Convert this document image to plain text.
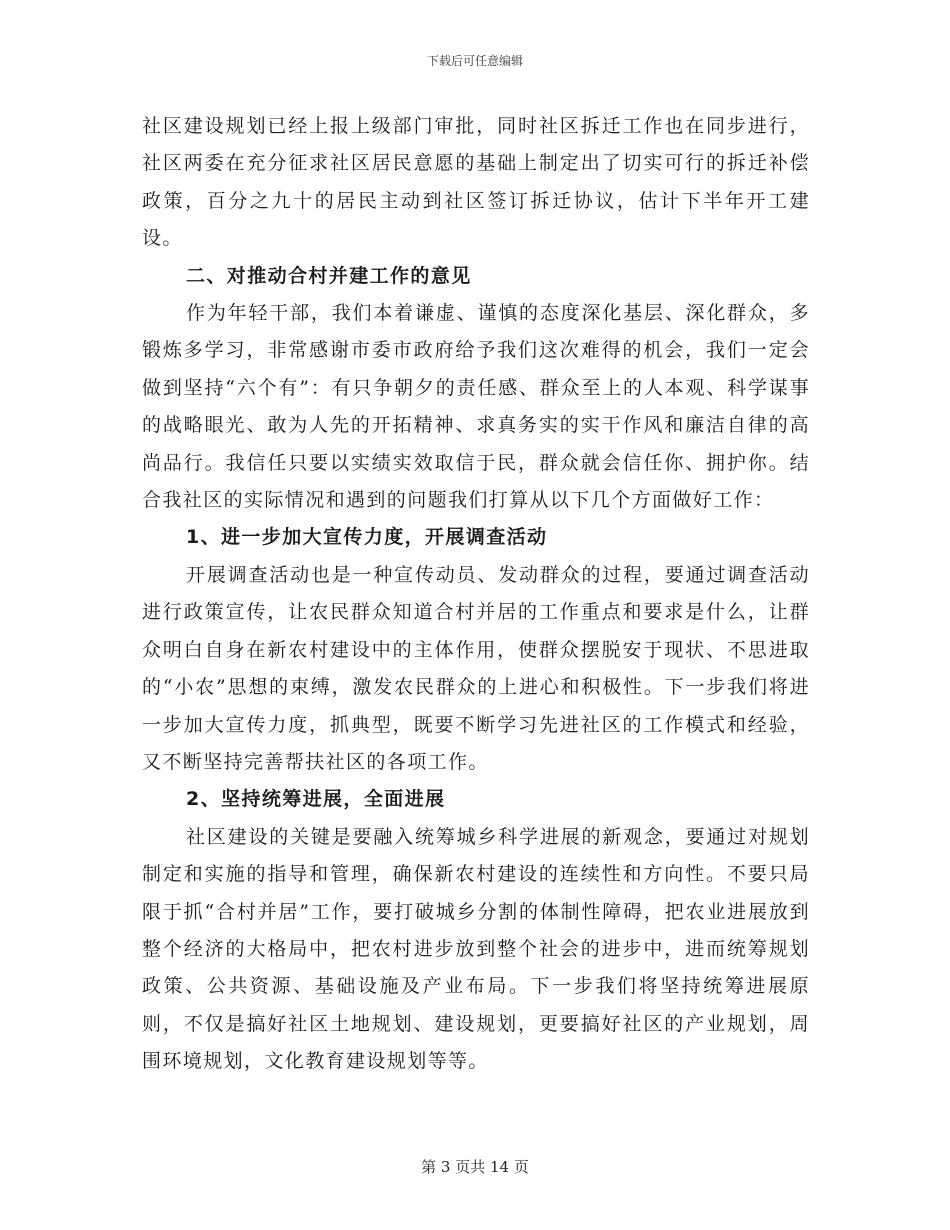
下载后可任意编辑

社区建设规划已经上报上级部门审批，同时社区拆迁工作也在同步进行，社区两委在充分征求社区居民意愿的基础上制定出了切实可行的拆迁补偿政策，百分之九十的居民主动到社区签订拆迁协议，估计下半年开工建设。

二、对推动合村并建工作的意见

作为年轻干部，我们本着谦虚、谨慎的态度深化基层、深化群众，多锻炼多学习，非常感谢市委市政府给予我们这次难得的机会，我们一定会做到坚持“六个有”：有只争朝夕的责任感、群众至上的人本观、科学谋事的战略眼光、敢为人先的开拓精神、求真务实的实干作风和廉洁自律的高尚品行。我信任只要以实绩实效取信于民，群众就会信任你、拥护你。结合我社区的实际情况和遇到的问题我们打算从以下几个方面做好工作：

1、进一步加大宣传力度，开展调查活动

开展调查活动也是一种宣传动员、发动群众的过程，要通过调查活动进行政策宣传，让农民群众知道合村并居的工作重点和要求是什么，让群众明白自身在新农村建设中的主体作用，使群众摆脱安于现状、不思进取的“小农”思想的束缚，激发农民群众的上进心和积极性。下一步我们将进一步加大宣传力度，抓典型，既要不断学习先进社区的工作模式和经验，又不断坚持完善帮扶社区的各项工作。

2、坚持统筹进展，全面进展

社区建设的关键是要融入统筹城乡科学进展的新观念，要通过对规划制定和实施的指导和管理，确保新农村建设的连续性和方向性。不要只局限于抓“合村并居”工作，要打破城乡分割的体制性障碍，把农业进展放到整个经济的大格局中，把农村进步放到整个社会的进步中，进而统筹规划政策、公共资源、基础设施及产业布局。下一步我们将坚持统筹进展原则，不仅是搞好社区土地规划、建设规划，更要搞好社区的产业规划，周围环境规划，文化教育建设规划等等。

第 3 页共 14 页
